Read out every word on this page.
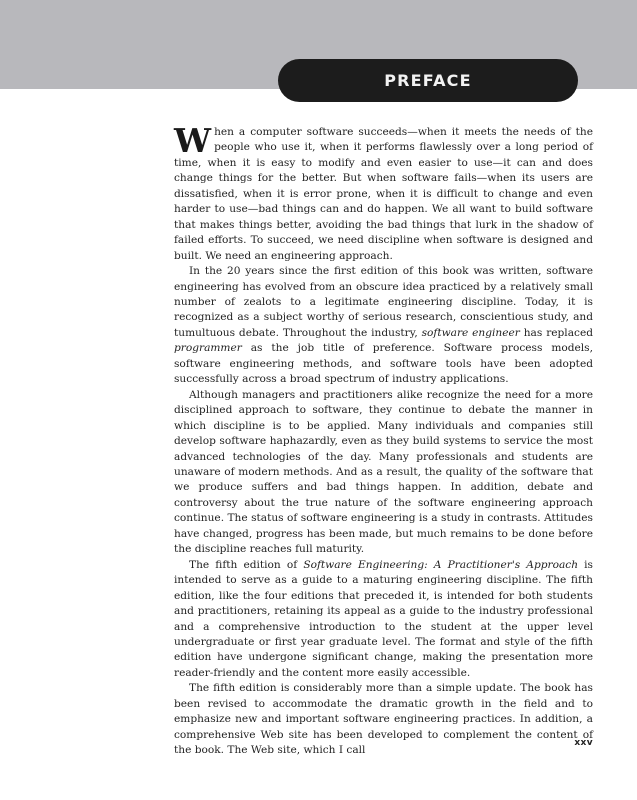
PREFACE

When a computer software succeeds—when it meets the needs of the people who use it, when it performs flawlessly over a long period of time, when it is easy to modify and even easier to use—it can and does change things for the better. But when software fails—when its users are dissatisfied, when it is error prone, when it is difficult to change and even harder to use—bad things can and do happen. We all want to build software that makes things better, avoiding the bad things that lurk in the shadow of failed efforts. To succeed, we need discipline when software is designed and built. We need an engineering approach.

In the 20 years since the first edition of this book was written, software engineering has evolved from an obscure idea practiced by a relatively small number of zealots to a legitimate engineering discipline. Today, it is recognized as a subject worthy of serious research, conscientious study, and tumultuous debate. Throughout the industry, software engineer has replaced programmer as the job title of preference. Software process models, software engineering methods, and software tools have been adopted successfully across a broad spectrum of industry applications.

Although managers and practitioners alike recognize the need for a more disciplined approach to software, they continue to debate the manner in which discipline is to be applied. Many individuals and companies still develop software haphazardly, even as they build systems to service the most advanced technologies of the day. Many professionals and students are unaware of modern methods. And as a result, the quality of the software that we produce suffers and bad things happen. In addition, debate and controversy about the true nature of the software engineering approach continue. The status of software engineering is a study in contrasts. Attitudes have changed, progress has been made, but much remains to be done before the discipline reaches full maturity.

The fifth edition of Software Engineering: A Practitioner's Approach is intended to serve as a guide to a maturing engineering discipline. The fifth edition, like the four editions that preceded it, is intended for both students and practitioners, retaining its appeal as a guide to the industry professional and a comprehensive introduction to the student at the upper level undergraduate or first year graduate level. The format and style of the fifth edition have undergone significant change, making the presentation more reader-friendly and the content more easily accessible.

The fifth edition is considerably more than a simple update. The book has been revised to accommodate the dramatic growth in the field and to emphasize new and important software engineering practices. In addition, a comprehensive Web site has been developed to complement the content of the book. The Web site, which I call

xxv
